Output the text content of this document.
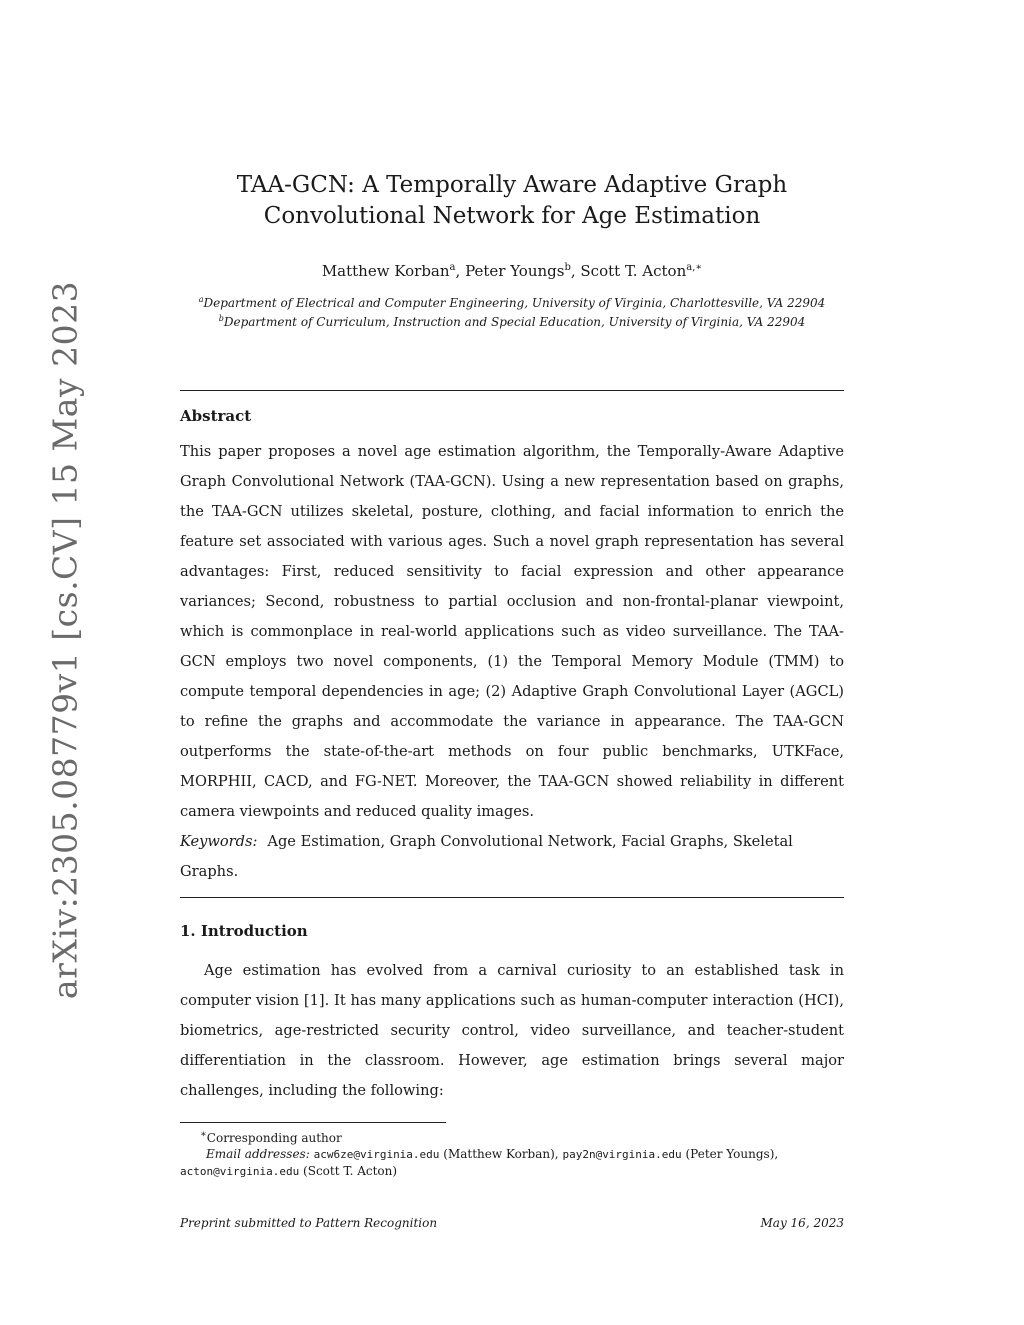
arXiv:2305.08779v1 [cs.CV] 15 May 2023
TAA-GCN: A Temporally Aware Adaptive Graph
Convolutional Network for Age Estimation
Matthew Korban$^a$, Peter Youngs$^b$, Scott T. Acton$^{a,∗}$
$^a$Department of Electrical and Computer Engineering, University of Virginia, Charlottesville, VA 22904
$^b$Department of Curriculum, Instruction and Special Education, University of Virginia, VA 22904
Abstract
This paper proposes a novel age estimation algorithm, the Temporally-Aware Adaptive Graph Convolutional Network (TAA-GCN). Using a new representation based on graphs, the TAA-GCN utilizes skeletal, posture, clothing, and facial information to enrich the feature set associated with various ages. Such a novel graph representation has several advantages: First, reduced sensitivity to facial expression and other appearance variances; Second, robustness to partial occlusion and non-frontal-planar viewpoint, which is commonplace in real-world applications such as video surveillance. The TAA-GCN employs two novel components, (1) the Temporal Memory Module (TMM) to compute temporal dependencies in age; (2) Adaptive Graph Convolutional Layer (AGCL) to refine the graphs and accommodate the variance in appearance. The TAA-GCN outperforms the state-of-the-art methods on four public benchmarks, UTKFace, MORPHII, CACD, and FG-NET. Moreover, the TAA-GCN showed reliability in different camera viewpoints and reduced quality images.
Keywords: Age Estimation, Graph Convolutional Network, Facial Graphs, Skeletal Graphs.
1. Introduction
Age estimation has evolved from a carnival curiosity to an established task in computer vision [1]. It has many applications such as human-computer interaction (HCI), biometrics, age-restricted security control, video surveillance, and teacher-student differentiation in the classroom. However, age estimation brings several major challenges, including the following:
∗Corresponding author
Email addresses: acw6ze@virginia.edu (Matthew Korban), pay2n@virginia.edu (Peter Youngs), acton@virginia.edu (Scott T. Acton)
Preprint submitted to Pattern Recognition	May 16, 2023
